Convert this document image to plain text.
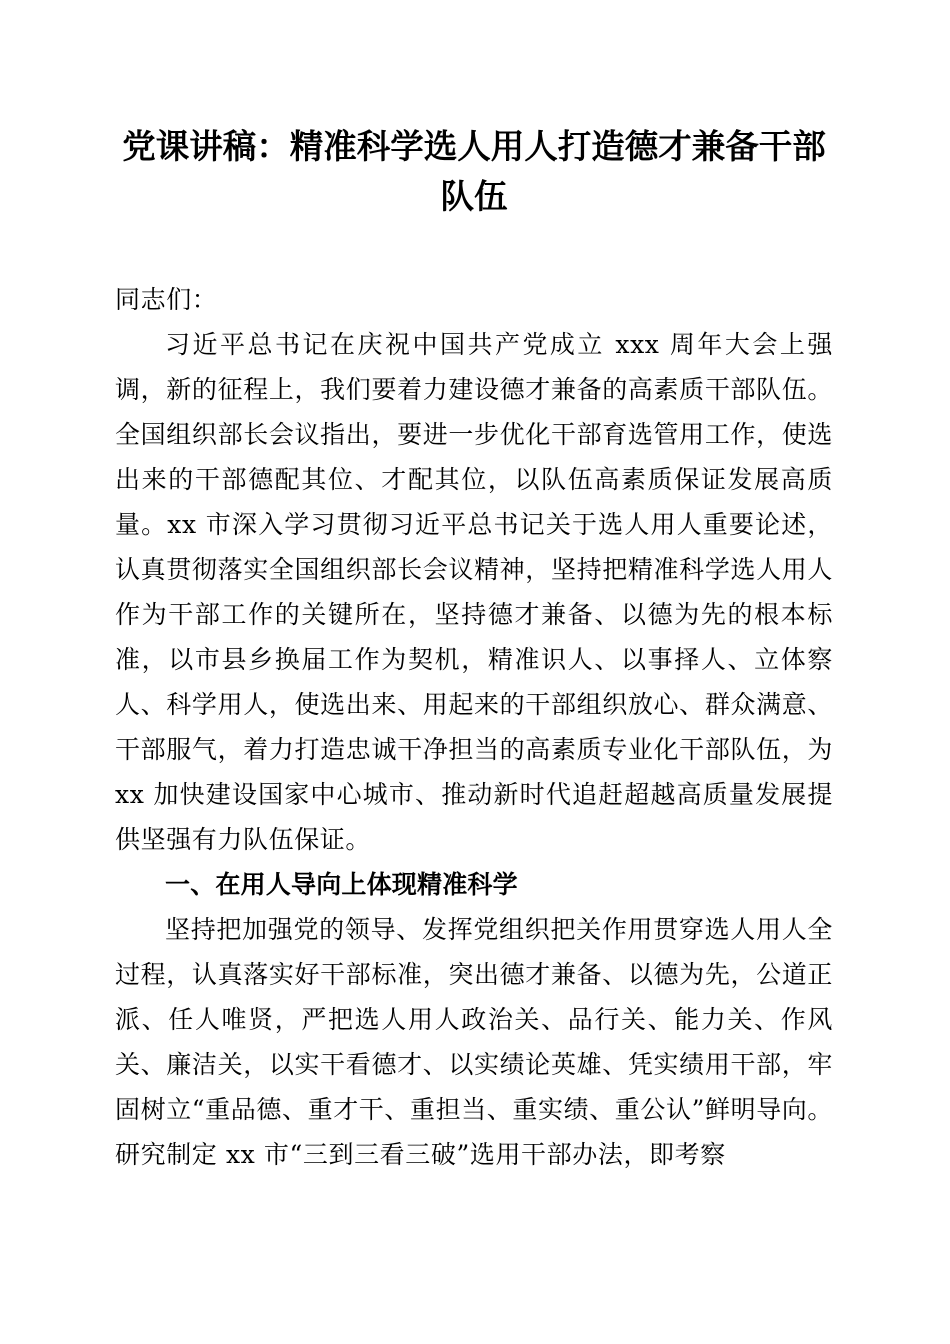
党课讲稿：精准科学选人用人打造德才兼备干部队伍

同志们：

习近平总书记在庆祝中国共产党成立 xxx 周年大会上强调，新的征程上，我们要着力建设德才兼备的高素质干部队伍。全国组织部长会议指出，要进一步优化干部育选管用工作，使选出来的干部德配其位、才配其位，以队伍高素质保证发展高质量。xx 市深入学习贯彻习近平总书记关于选人用人重要论述，认真贯彻落实全国组织部长会议精神，坚持把精准科学选人用人作为干部工作的关键所在，坚持德才兼备、以德为先的根本标准，以市县乡换届工作为契机，精准识人、以事择人、立体察人、科学用人，使选出来、用起来的干部组织放心、群众满意、干部服气，着力打造忠诚干净担当的高素质专业化干部队伍，为 xx 加快建设国家中心城市、推动新时代追赶超越高质量发展提供坚强有力队伍保证。

一、在用人导向上体现精准科学

坚持把加强党的领导、发挥党组织把关作用贯穿选人用人全过程，认真落实好干部标准，突出德才兼备、以德为先，公道正派、任人唯贤，严把选人用人政治关、品行关、能力关、作风关、廉洁关，以实干看德才、以实绩论英雄、凭实绩用干部，牢固树立“重品德、重才干、重担当、重实绩、重公认”鲜明导向。研究制定 xx 市“三到三看三破”选用干部办法，即考察
